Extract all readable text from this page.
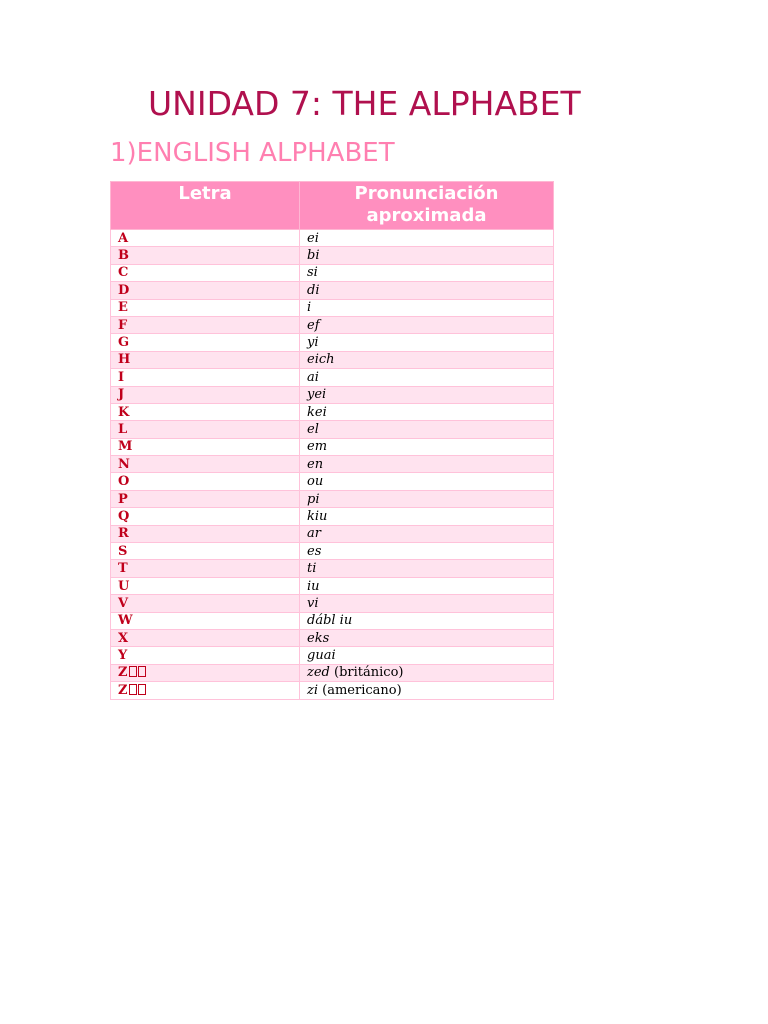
UNIDAD 7: THE ALPHABET
1)ENGLISH ALPHABET
Letra	Pronunciación aproximada
A	ei
B	bi
C	si
D	di
E	i
F	ef
G	yi
H	eich
I	ai
J	yei
K	kei
L	el
M	em
N	en
O	ou
P	pi
Q	kiu
R	ar
S	es
T	ti
U	iu
V	vi
W	dábl iu
X	eks
Y	guai
Z	zed (británico)
Z	zi (americano)
